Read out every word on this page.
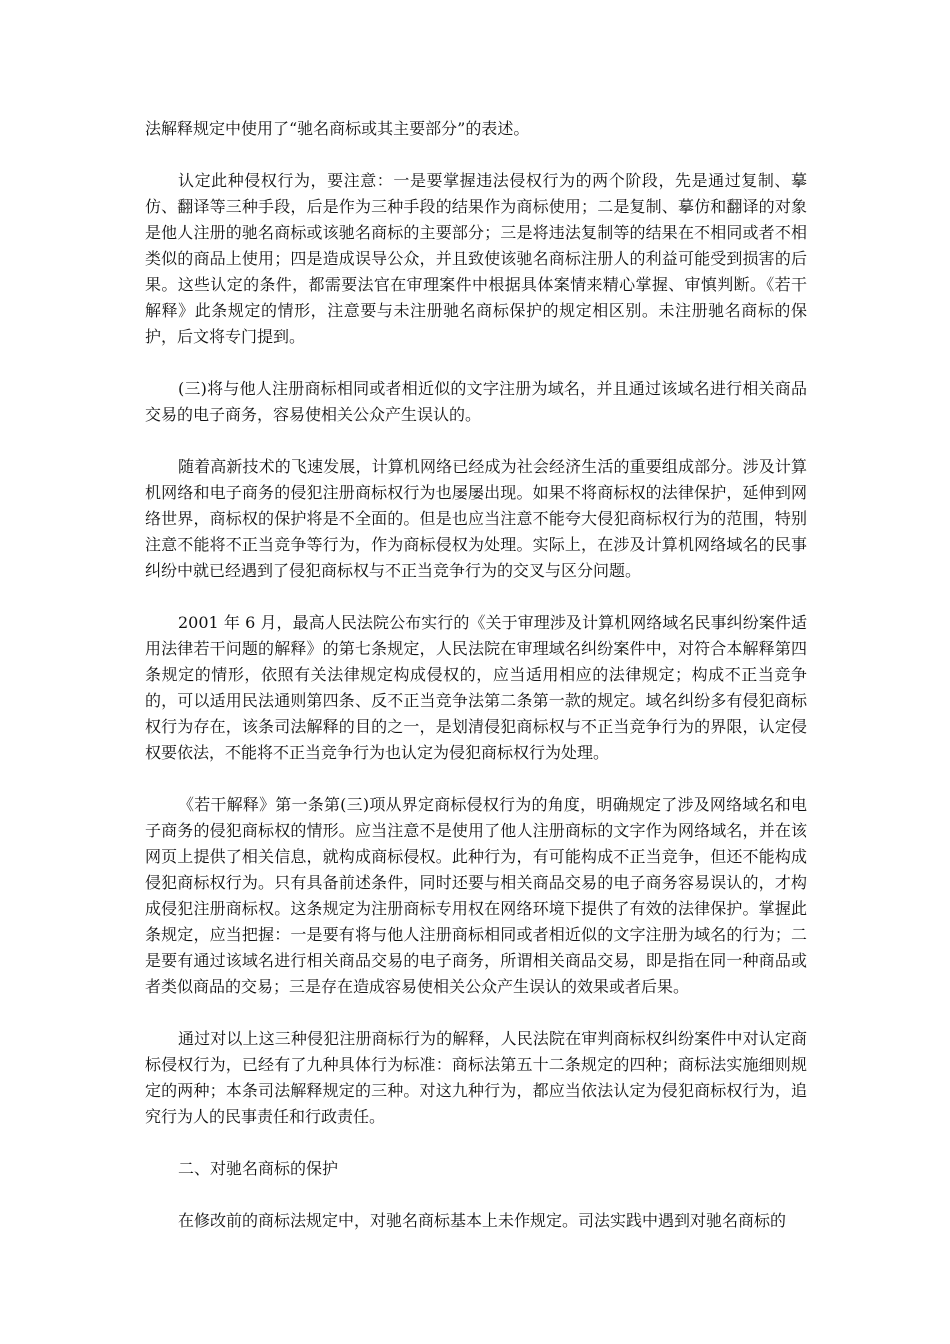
法解释规定中使用了“驰名商标或其主要部分”的表述。

认定此种侵权行为，要注意：一是要掌握违法侵权行为的两个阶段，先是通过复制、摹仿、翻译等三种手段，后是作为三种手段的结果作为商标使用；二是复制、摹仿和翻译的对象是他人注册的驰名商标或该驰名商标的主要部分；三是将违法复制等的结果在不相同或者不相类似的商品上使用；四是造成误导公众，并且致使该驰名商标注册人的利益可能受到损害的后果。这些认定的条件，都需要法官在审理案件中根据具体案情来精心掌握、审慎判断。《若干解释》此条规定的情形，注意要与未注册驰名商标保护的规定相区别。未注册驰名商标的保护，后文将专门提到。

(三)将与他人注册商标相同或者相近似的文字注册为域名，并且通过该域名进行相关商品交易的电子商务，容易使相关公众产生误认的。

随着高新技术的飞速发展，计算机网络已经成为社会经济生活的重要组成部分。涉及计算机网络和电子商务的侵犯注册商标权行为也屡屡出现。如果不将商标权的法律保护，延伸到网络世界，商标权的保护将是不全面的。但是也应当注意不能夸大侵犯商标权行为的范围，特别注意不能将不正当竞争等行为，作为商标侵权为处理。实际上，在涉及计算机网络域名的民事纠纷中就已经遇到了侵犯商标权与不正当竞争行为的交叉与区分问题。

2001 年 6 月，最高人民法院公布实行的《关于审理涉及计算机网络域名民事纠纷案件适用法律若干问题的解释》的第七条规定，人民法院在审理域名纠纷案件中，对符合本解释第四条规定的情形，依照有关法律规定构成侵权的，应当适用相应的法律规定；构成不正当竞争的，可以适用民法通则第四条、反不正当竞争法第二条第一款的规定。域名纠纷多有侵犯商标权行为存在，该条司法解释的目的之一，是划清侵犯商标权与不正当竞争行为的界限，认定侵权要依法，不能将不正当竞争行为也认定为侵犯商标权行为处理。

《若干解释》第一条第(三)项从界定商标侵权行为的角度，明确规定了涉及网络域名和电子商务的侵犯商标权的情形。应当注意不是使用了他人注册商标的文字作为网络域名，并在该网页上提供了相关信息，就构成商标侵权。此种行为，有可能构成不正当竞争，但还不能构成侵犯商标权行为。只有具备前述条件，同时还要与相关商品交易的电子商务容易误认的，才构成侵犯注册商标权。这条规定为注册商标专用权在网络环境下提供了有效的法律保护。掌握此条规定，应当把握：一是要有将与他人注册商标相同或者相近似的文字注册为域名的行为；二是要有通过该域名进行相关商品交易的电子商务，所谓相关商品交易，即是指在同一种商品或者类似商品的交易；三是存在造成容易使相关公众产生误认的效果或者后果。

通过对以上这三种侵犯注册商标行为的解释，人民法院在审判商标权纠纷案件中对认定商标侵权行为，已经有了九种具体行为标准：商标法第五十二条规定的四种；商标法实施细则规定的两种；本条司法解释规定的三种。对这九种行为，都应当依法认定为侵犯商标权行为，追究行为人的民事责任和行政责任。

二、对驰名商标的保护

在修改前的商标法规定中，对驰名商标基本上未作规定。司法实践中遇到对驰名商标的
